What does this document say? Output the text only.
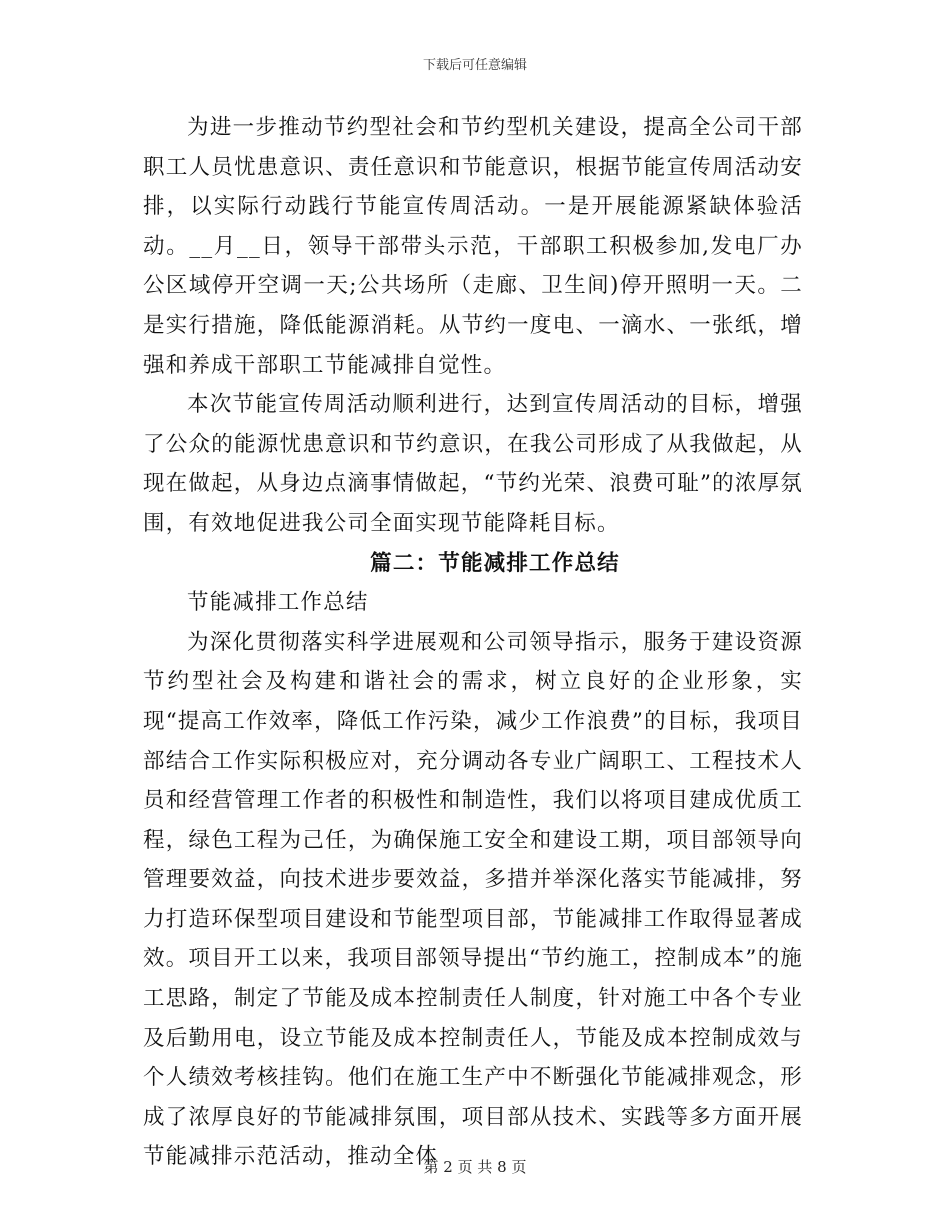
下载后可任意编辑

为进一步推动节约型社会和节约型机关建设，提高全公司干部职工人员忧患意识、责任意识和节能意识，根据节能宣传周活动安排，以实际行动践行节能宣传周活动。一是开展能源紧缺体验活动。__月__日，领导干部带头示范，干部职工积极参加,发电厂办公区域停开空调一天;公共场所（走廊、卫生间)停开照明一天。二是实行措施，降低能源消耗。从节约一度电、一滴水、一张纸，增强和养成干部职工节能减排自觉性。

本次节能宣传周活动顺利进行，达到宣传周活动的目标，增强了公众的能源忧患意识和节约意识，在我公司形成了从我做起，从现在做起，从身边点滴事情做起，“节约光荣、浪费可耻”的浓厚氛围，有效地促进我公司全面实现节能降耗目标。

篇二：节能减排工作总结

节能减排工作总结

为深化贯彻落实科学进展观和公司领导指示，服务于建设资源节约型社会及构建和谐社会的需求，树立良好的企业形象，实现“提高工作效率，降低工作污染，减少工作浪费”的目标，我项目部结合工作实际积极应对，充分调动各专业广阔职工、工程技术人员和经营管理工作者的积极性和制造性，我们以将项目建成优质工程，绿色工程为己任，为确保施工安全和建设工期，项目部领导向管理要效益，向技术进步要效益，多措并举深化落实节能减排，努力打造环保型项目建设和节能型项目部，节能减排工作取得显著成效。项目开工以来，我项目部领导提出“节约施工，控制成本”的施工思路，制定了节能及成本控制责任人制度，针对施工中各个专业及后勤用电，设立节能及成本控制责任人，节能及成本控制成效与个人绩效考核挂钩。他们在施工生产中不断强化节能减排观念，形成了浓厚良好的节能减排氛围，项目部从技术、实践等多方面开展节能减排示范活动，推动全体

第 2 页 共 8 页
